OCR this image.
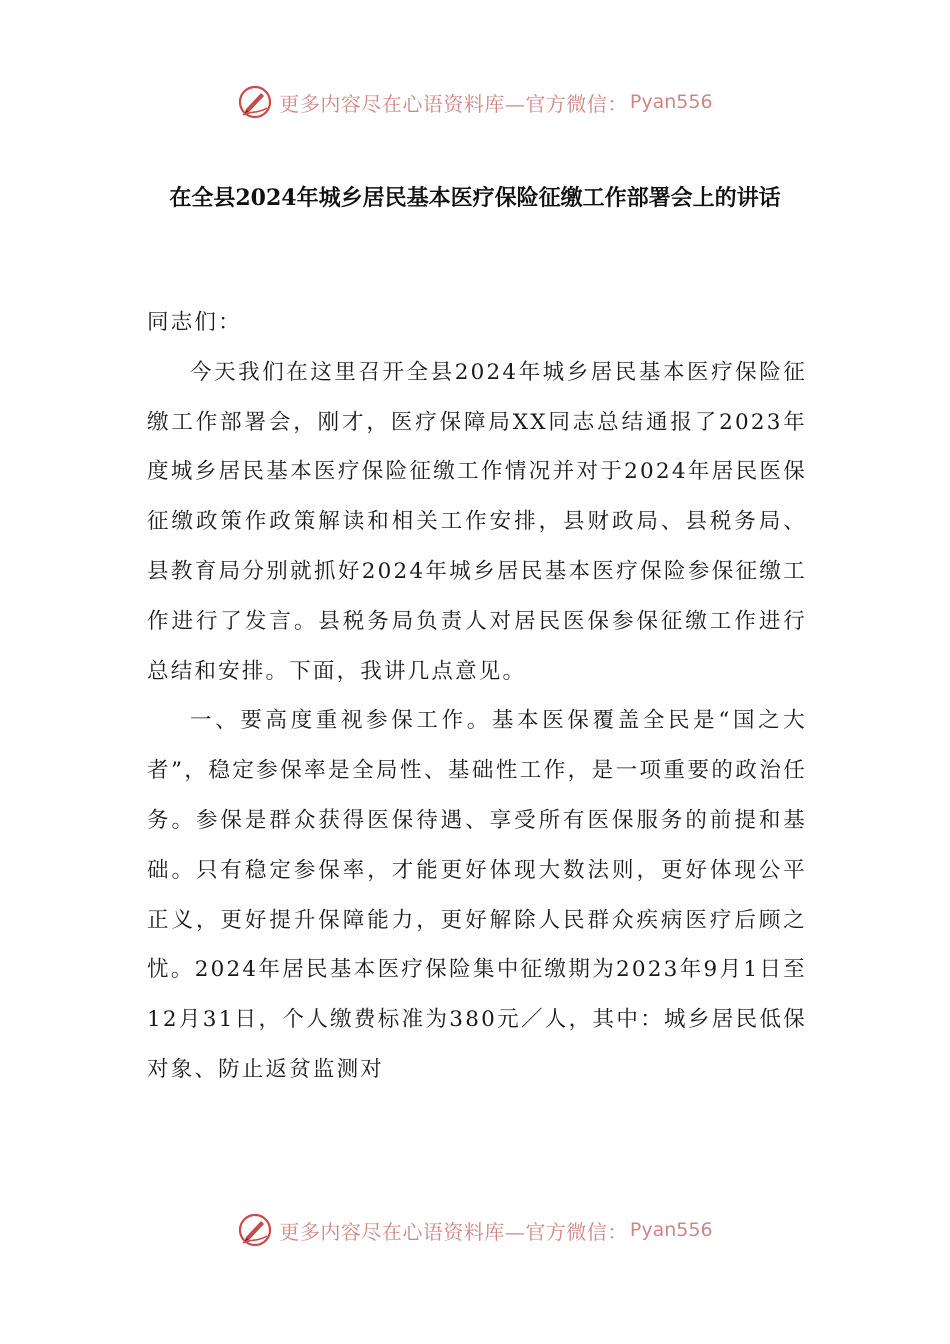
更多内容尽在心语资料库—官方微信： Pyan556
在全县2024年城乡居民基本医疗保险征缴工作部署会上的讲话

同志们：

今天我们在这里召开全县2024年城乡居民基本医疗保险征缴工作部署会，刚才，医疗保障局XX同志总结通报了2023年度城乡居民基本医疗保险征缴工作情况并对于2024年居民医保征缴政策作政策解读和相关工作安排，县财政局、县税务局、县教育局分别就抓好2024年城乡居民基本医疗保险参保征缴工作进行了发言。县税务局负责人对居民医保参保征缴工作进行总结和安排。下面，我讲几点意见。

一、要高度重视参保工作。基本医保覆盖全民是“国之大者”，稳定参保率是全局性、基础性工作，是一项重要的政治任务。参保是群众获得医保待遇、享受所有医保服务的前提和基础。只有稳定参保率，才能更好体现大数法则，更好体现公平正义，更好提升保障能力，更好解除人民群众疾病医疗后顾之忧。2024年居民基本医疗保险集中征缴期为2023年9月1日至12月31日，个人缴费标准为380元／人，其中：城乡居民低保对象、防止返贫监测对

更多内容尽在心语资料库—官方微信： Pyan556
